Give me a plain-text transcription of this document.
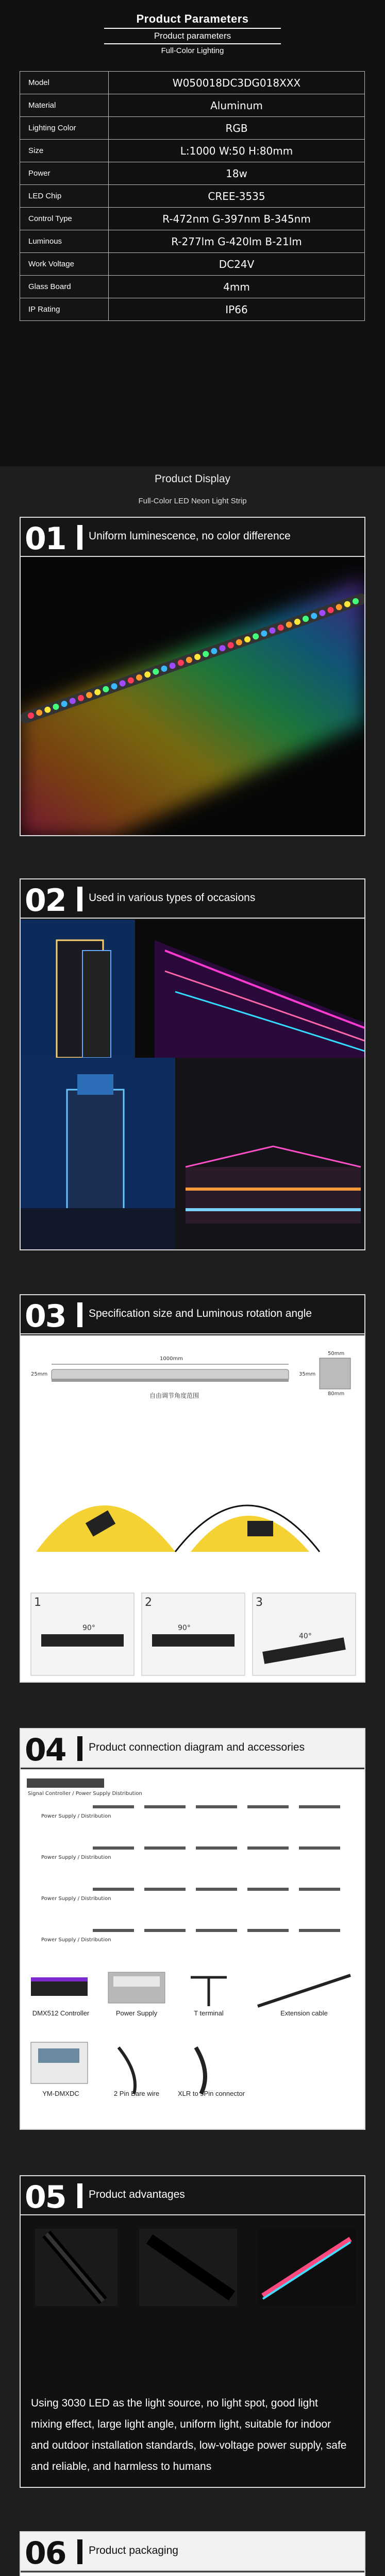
Product Parameters
Product parameters
Full-Color Lighting
Model	W050018DC3DG018XXX
Material	Aluminum
Lighting Color	RGB
Size	L:1000 W:50 H:80mm
Power	18w
LED Chip	CREE-3535
Control Type	R-472nm G-397nm B-345nm
Luminous	R-277lm G-420lm B-21lm
Work Voltage	DC24V
Glass Board	4mm
IP Rating	IP66
Product Display
Full-Color LED Neon Light Strip
01 Uniform luminescence, no color difference
02 Used in various types of occasions
03 Specification size and Luminous rotation angle
1000mm
25mm
50mm
80mm
35mm
自由调节角度范围
1	2	3
90°	90°
40°
04 Product connection diagram and accessories
Signal Controller / Power Supply Distribution
Power Supply / Distribution
Power Supply / Distribution
Power Supply / Distribution
Power Supply / Distribution
DMX512 Controller	Power Supply	T terminal	Extension cable
YM-DMXDC	2 Pin Bare wire	XLR to 5Pin connector
05 Product advantages
Using 3030 LED as the light source, no light spot, good light mixing effect, large light angle, uniform light, suitable for indoor and outdoor installation standards, low-voltage power supply, safe and reliable, and harmless to humans
06 Product packaging
